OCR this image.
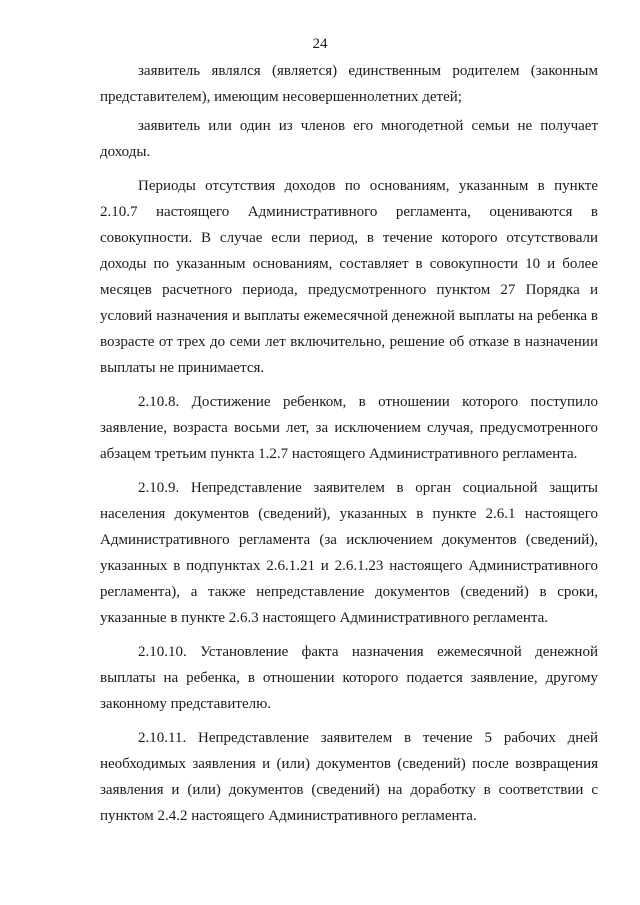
24

заявитель являлся (является) единственным родителем (законным представителем), имеющим несовершеннолетних детей;

заявитель или один из членов его многодетной семьи не получает доходы.

Периоды отсутствия доходов по основаниям, указанным в пункте 2.10.7 настоящего Административного регламента, оцениваются в совокупности. В случае если период, в течение которого отсутствовали доходы по указанным основаниям, составляет в совокупности 10 и более месяцев расчетного периода, предусмотренного пунктом 27 Порядка и условий назначения и выплаты ежемесячной денежной выплаты на ребенка в возрасте от трех до семи лет включительно, решение об отказе в назначении выплаты не принимается.

2.10.8. Достижение ребенком, в отношении которого поступило заявление, возраста восьми лет, за исключением случая, предусмотренного абзацем третьим пункта 1.2.7 настоящего Административного регламента.

2.10.9. Непредставление заявителем в орган социальной защиты населения документов (сведений), указанных в пункте 2.6.1 настоящего Административного регламента (за исключением документов (сведений), указанных в подпунктах 2.6.1.21 и 2.6.1.23 настоящего Административного регламента), а также непредставление документов (сведений) в сроки, указанные в пункте 2.6.3 настоящего Административного регламента.

2.10.10. Установление факта назначения ежемесячной денежной выплаты на ребенка, в отношении которого подается заявление, другому законному представителю.

2.10.11. Непредставление заявителем в течение 5 рабочих дней необходимых заявления и (или) документов (сведений) после возвращения заявления и (или) документов (сведений) на доработку в соответствии с пунктом 2.4.2 настоящего Административного регламента.
